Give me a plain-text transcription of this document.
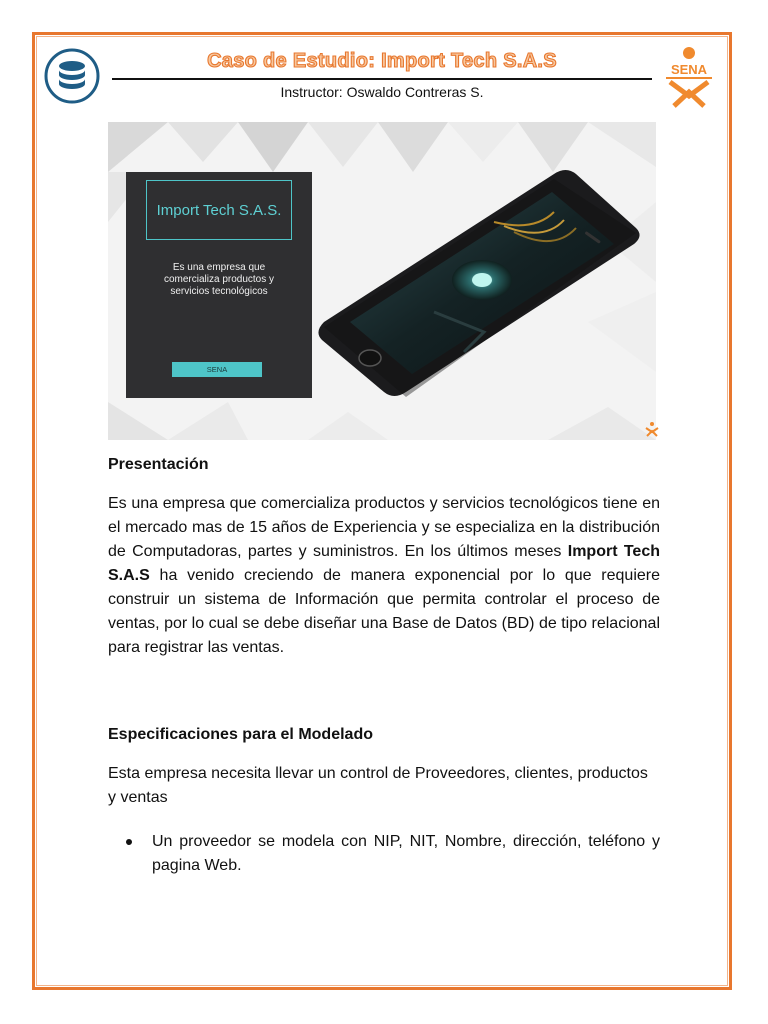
Caso de Estudio: Import Tech S.A.S
Instructor: Oswaldo Contreras S.
SENA
Import Tech S.A.S.
Es una empresa que comercializa productos y servicios tecnológicos
SENA
Presentación

Es una empresa que comercializa productos y servicios tecnológicos tiene en el mercado mas de 15 años de Experiencia y se especializa en la distribución de Computadoras, partes y suministros. En los últimos meses Import Tech S.A.S ha venido creciendo de manera exponencial por lo que requiere construir un sistema de Información que permita controlar el proceso de ventas, por lo cual se debe diseñar una Base de Datos (BD) de tipo relacional para registrar las ventas.

Especificaciones para el Modelado

Esta empresa necesita llevar un control de Proveedores, clientes, productos y ventas

Un proveedor se modela con NIP, NIT, Nombre, dirección, teléfono y pagina Web.
